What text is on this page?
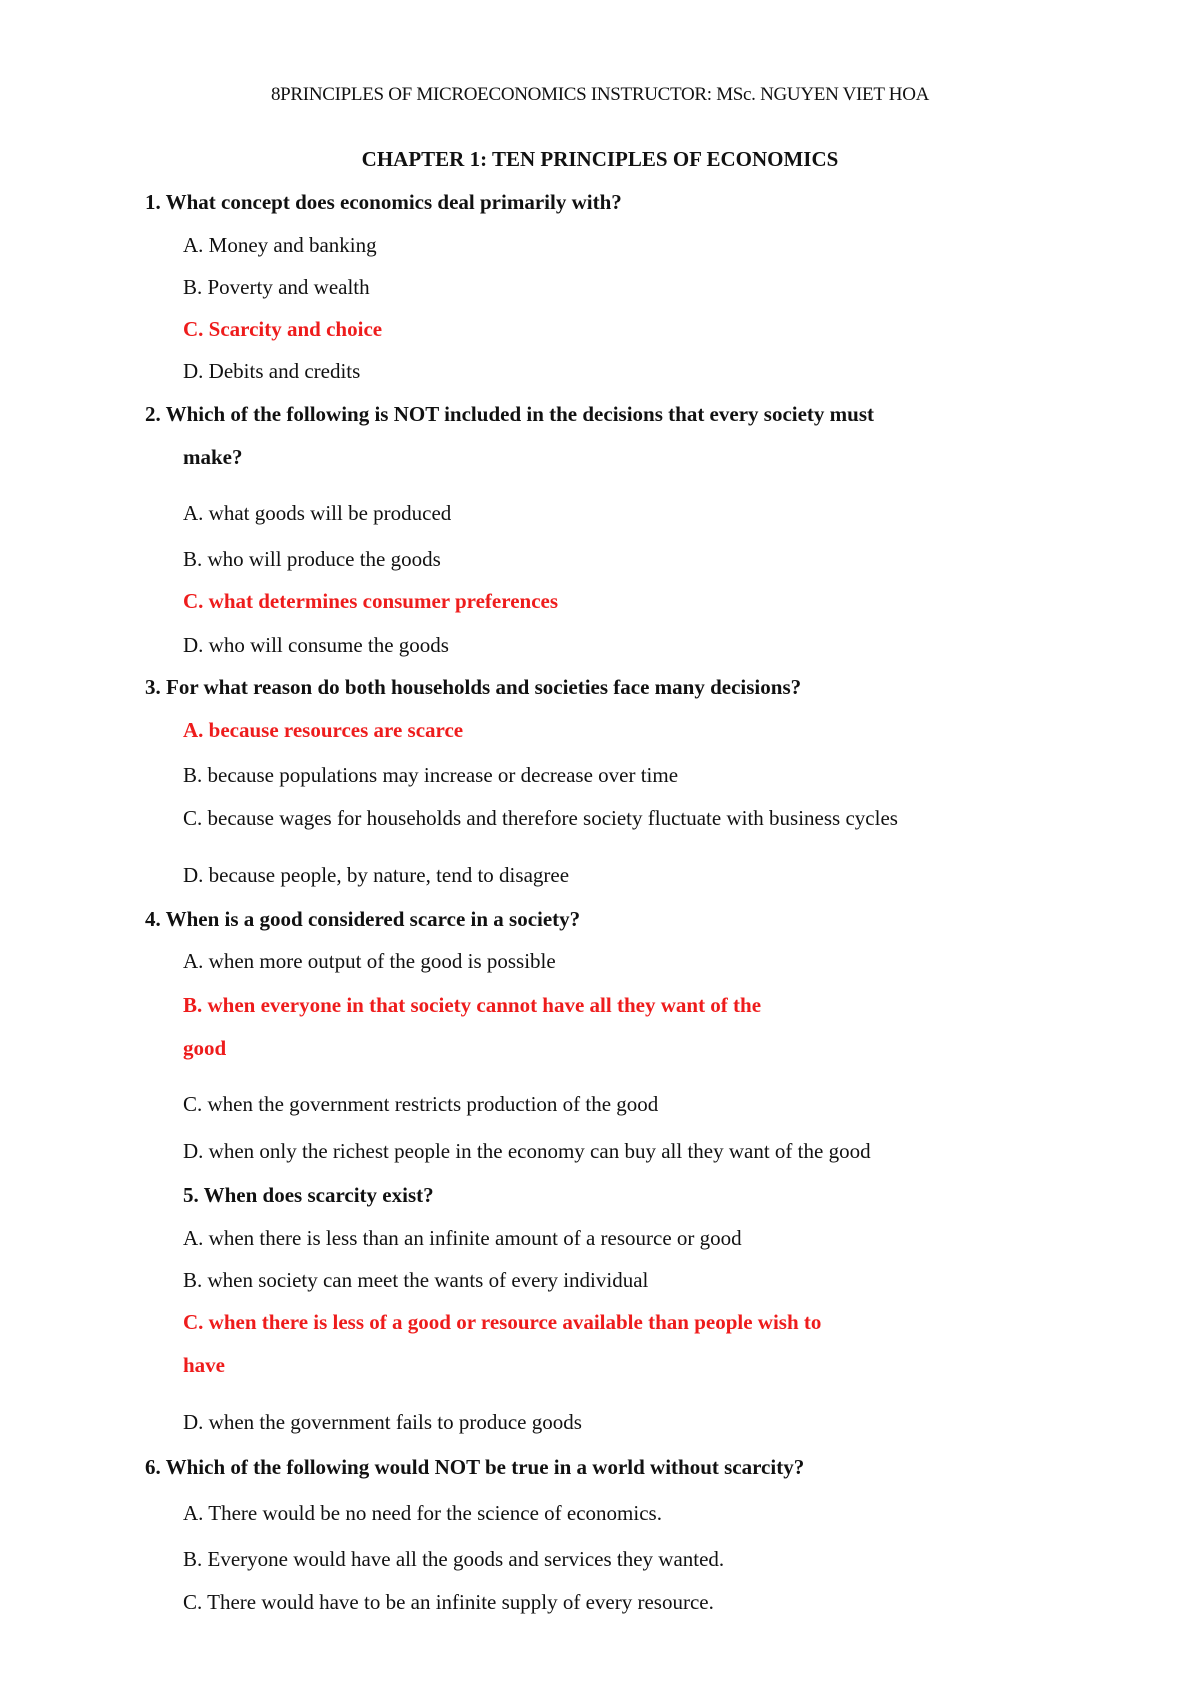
8PRINCIPLES OF MICROECONOMICS INSTRUCTOR: MSc. NGUYEN VIET HOA
CHAPTER 1: TEN PRINCIPLES OF ECONOMICS
1. What concept does economics deal primarily with?
A. Money and banking
B. Poverty and wealth
C. Scarcity and choice
D. Debits and credits
2. Which of the following is NOT included in the decisions that every society must
make?
A. what goods will be produced
B. who will produce the goods
C. what determines consumer preferences
D. who will consume the goods
3. For what reason do both households and societies face many decisions?
A. because resources are scarce
B. because populations may increase or decrease over time
C. because wages for households and therefore society fluctuate with business cycles
D. because people, by nature, tend to disagree
4. When is a good considered scarce in a society?
A. when more output of the good is possible
B. when everyone in that society cannot have all they want of the
good
C. when the government restricts production of the good
D. when only the richest people in the economy can buy all they want of the good
5. When does scarcity exist?
A. when there is less than an infinite amount of a resource or good
B. when society can meet the wants of every individual
C. when there is less of a good or resource available than people wish to
have
D. when the government fails to produce goods
6. Which of the following would NOT be true in a world without scarcity?
A. There would be no need for the science of economics.
B. Everyone would have all the goods and services they wanted.
C. There would have to be an infinite supply of every resource.
